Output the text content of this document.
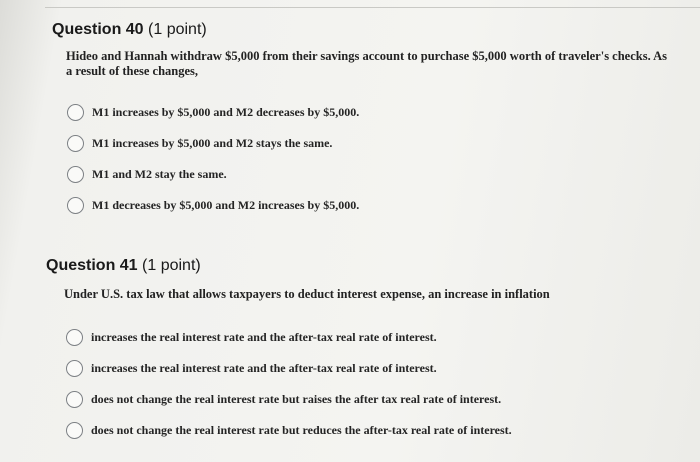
Question 40 (1 point)
Hideo and Hannah withdraw $5,000 from their savings account to purchase $5,000 worth of traveler's checks. As a result of these changes,
M1 increases by $5,000 and M2 decreases by $5,000.
M1 increases by $5,000 and M2 stays the same.
M1 and M2 stay the same.
M1 decreases by $5,000 and M2 increases by $5,000.
Question 41 (1 point)
Under U.S. tax law that allows taxpayers to deduct interest expense, an increase in inflation
increases the real interest rate and the after-tax real rate of interest.
increases the real interest rate and the after-tax real rate of interest.
does not change the real interest rate but raises the after tax real rate of interest.
does not change the real interest rate but reduces the after-tax real rate of interest.
